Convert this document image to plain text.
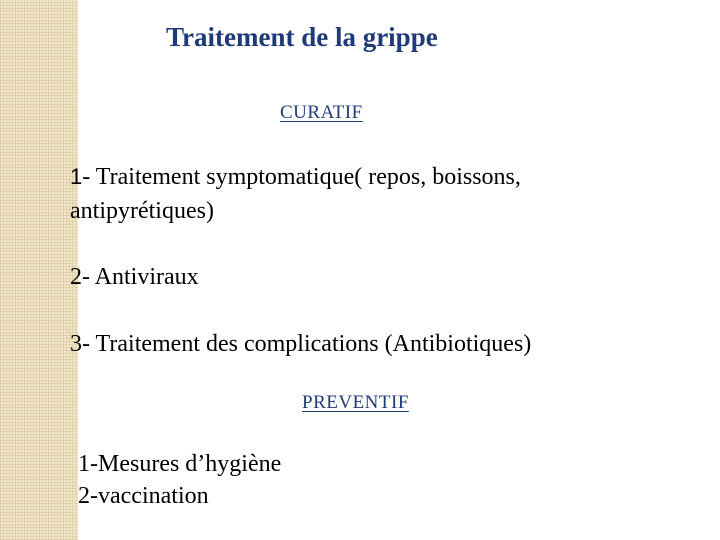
Traitement de la grippe
CURATIF
1- Traitement symptomatique( repos, boissons,
antipyrétiques)
2- Antiviraux
3- Traitement des complications (Antibiotiques)
PREVENTIF
1-Mesures d’hygiène
2-vaccination
